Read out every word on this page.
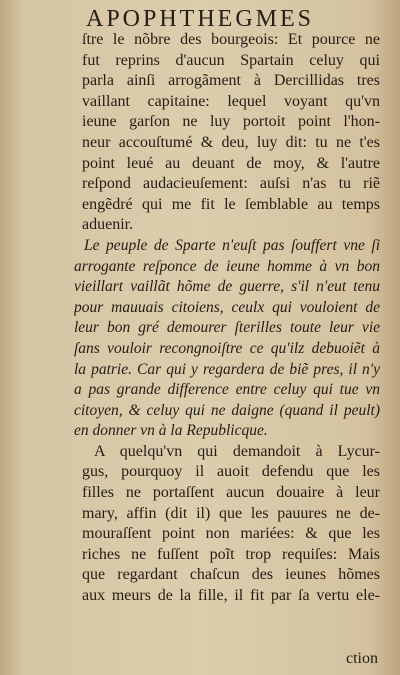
APOPHTHEGMES
ſtre le nõbre des bourgeois: Et pource ne
fut reprins d'aucun Spartain celuy qui
parla ainſi arrogãment à Dercillidas tres
vaillant capitaine: lequel voyant qu'vn
ieune garſon ne luy portoit point l'hon-
neur accouſtumé & deu, luy dit: tu ne t'es
point leué au deuant de moy, & l'autre
reſpond audacieuſement: auſsi n'as tu riẽ
engẽdré qui me fit le ſemblable au temps
aduenir.
Le peuple de Sparte n'euſt pas ſouffert vne ſi
arrogante reſponce de ieune homme à vn bon
vieillart vaillãt hõme de guerre, s'il n'eut tenu
pour mauuais citoiens, ceulx qui vouloient de
leur bon gré demourer ſterilles toute leur vie
ſans vouloir recongnoiſtre ce qu'ilz debuoiẽt à
la patrie. Car qui y regardera de biẽ pres, il n'y
a pas grande difference entre celuy qui tue vn
citoyen, & celuy qui ne daigne (quand il peult)
en donner vn à la Republicque.
A quelqu'vn qui demandoit à Lycur-
gus, pourquoy il auoit defendu que les
filles ne portaſſent aucun douaire à leur
mary, affin (dit il) que les pauures ne de-
mouraſſent point non mariées: & que les
riches ne fuſſent poĩt trop requiſes: Mais
que regardant chaſcun des ieunes hõmes
aux meurs de la fille, il fit par ſa vertu ele-
ction
